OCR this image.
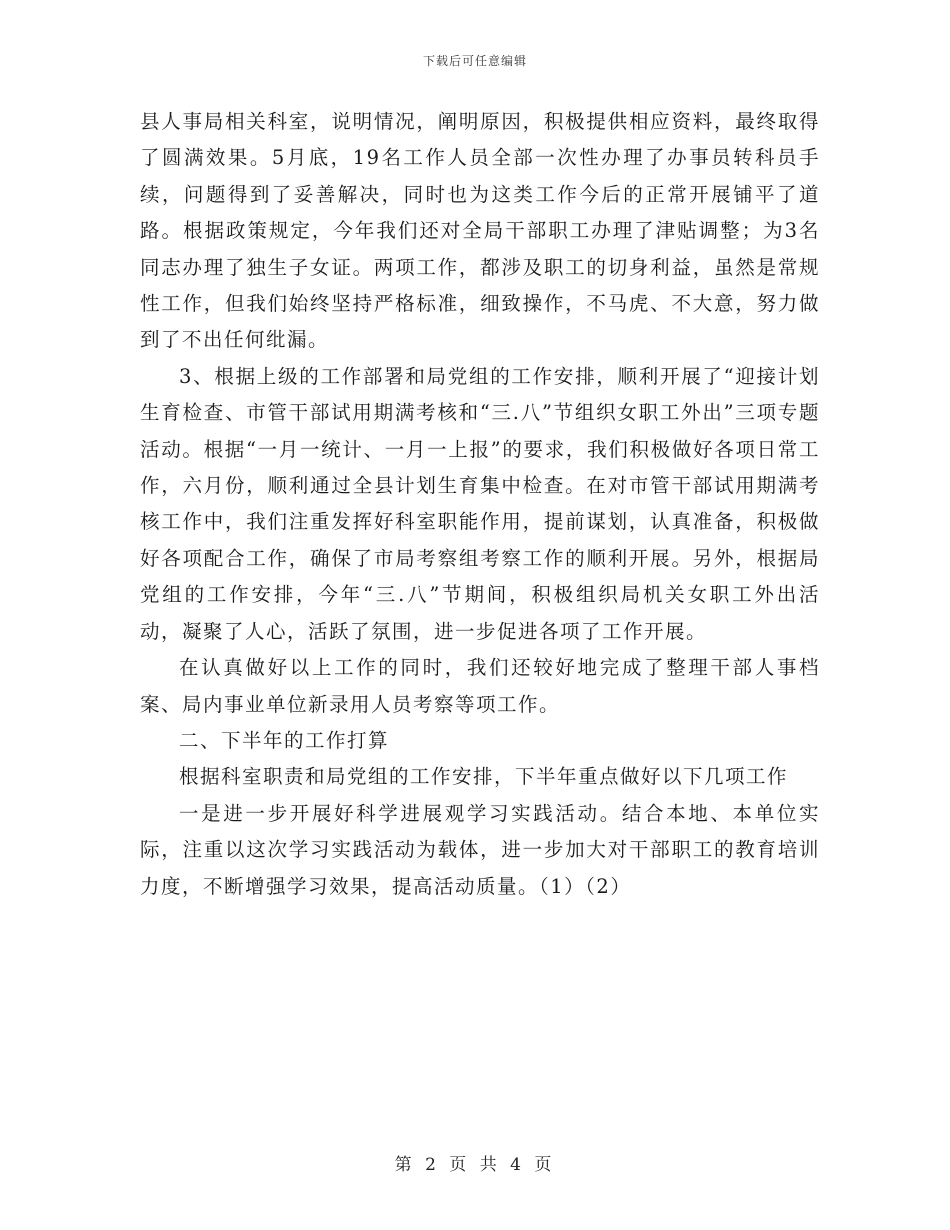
下载后可任意编辑

县人事局相关科室，说明情况，阐明原因，积极提供相应资料，最终取得了圆满效果。5月底，19名工作人员全部一次性办理了办事员转科员手续，问题得到了妥善解决，同时也为这类工作今后的正常开展铺平了道路。根据政策规定，今年我们还对全局干部职工办理了津贴调整；为3名同志办理了独生子女证。两项工作，都涉及职工的切身利益，虽然是常规性工作，但我们始终坚持严格标准，细致操作，不马虎、不大意，努力做到了不出任何纰漏。

3、根据上级的工作部署和局党组的工作安排，顺利开展了“迎接计划生育检查、市管干部试用期满考核和“三.八”节组织女职工外出”三项专题活动。根据“一月一统计、一月一上报”的要求，我们积极做好各项日常工作，六月份，顺利通过全县计划生育集中检查。在对市管干部试用期满考核工作中，我们注重发挥好科室职能作用，提前谋划，认真准备，积极做好各项配合工作，确保了市局考察组考察工作的顺利开展。另外，根据局党组的工作安排，今年“三.八”节期间，积极组织局机关女职工外出活动，凝聚了人心，活跃了氛围，进一步促进各项了工作开展。

在认真做好以上工作的同时，我们还较好地完成了整理干部人事档案、局内事业单位新录用人员考察等项工作。

二、下半年的工作打算

根据科室职责和局党组的工作安排，下半年重点做好以下几项工作

一是进一步开展好科学进展观学习实践活动。结合本地、本单位实际，注重以这次学习实践活动为载体，进一步加大对干部职工的教育培训力度，不断增强学习效果，提高活动质量。（1）（2）

第 2 页 共 4 页
